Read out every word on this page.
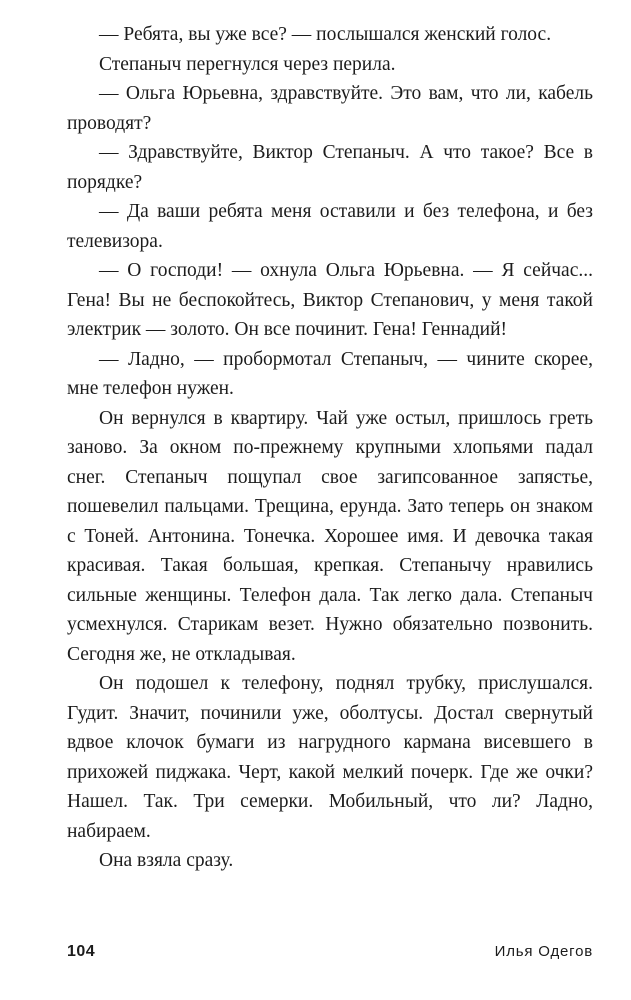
— Ребята, вы уже все? — послышался женский голос.

Степаныч перегнулся через перила.

— Ольга Юрьевна, здравствуйте. Это вам, что ли, кабель проводят?

— Здравствуйте, Виктор Степаныч. А что такое? Все в порядке?

— Да ваши ребята меня оставили и без телефона, и без телевизора.

— О господи! — охнула Ольга Юрьевна. — Я сейчас... Гена! Вы не беспокойтесь, Виктор Степанович, у меня такой электрик — золото. Он все починит. Гена! Геннадий!

— Ладно, — пробормотал Степаныч, — чините скорее, мне телефон нужен.

Он вернулся в квартиру. Чай уже остыл, пришлось греть заново. За окном по-прежнему крупными хлопьями падал снег. Степаныч пощупал свое загипсованное запястье, пошевелил пальцами. Трещина, ерунда. Зато теперь он знаком с Тоней. Антонина. Тонечка. Хорошее имя. И девочка такая красивая. Такая большая, крепкая. Степанычу нравились сильные женщины. Телефон дала. Так легко дала. Степаныч усмехнулся. Старикам везет. Нужно обязательно позвонить. Сегодня же, не откладывая.

Он подошел к телефону, поднял трубку, прислушался. Гудит. Значит, починили уже, оболтусы. Достал свернутый вдвое клочок бумаги из нагрудного кармана висевшего в прихожей пиджака. Черт, какой мелкий почерк. Где же очки? Нашел. Так. Три семерки. Мобильный, что ли? Ладно, набираем.

Она взяла сразу.

104	Илья Одегов
